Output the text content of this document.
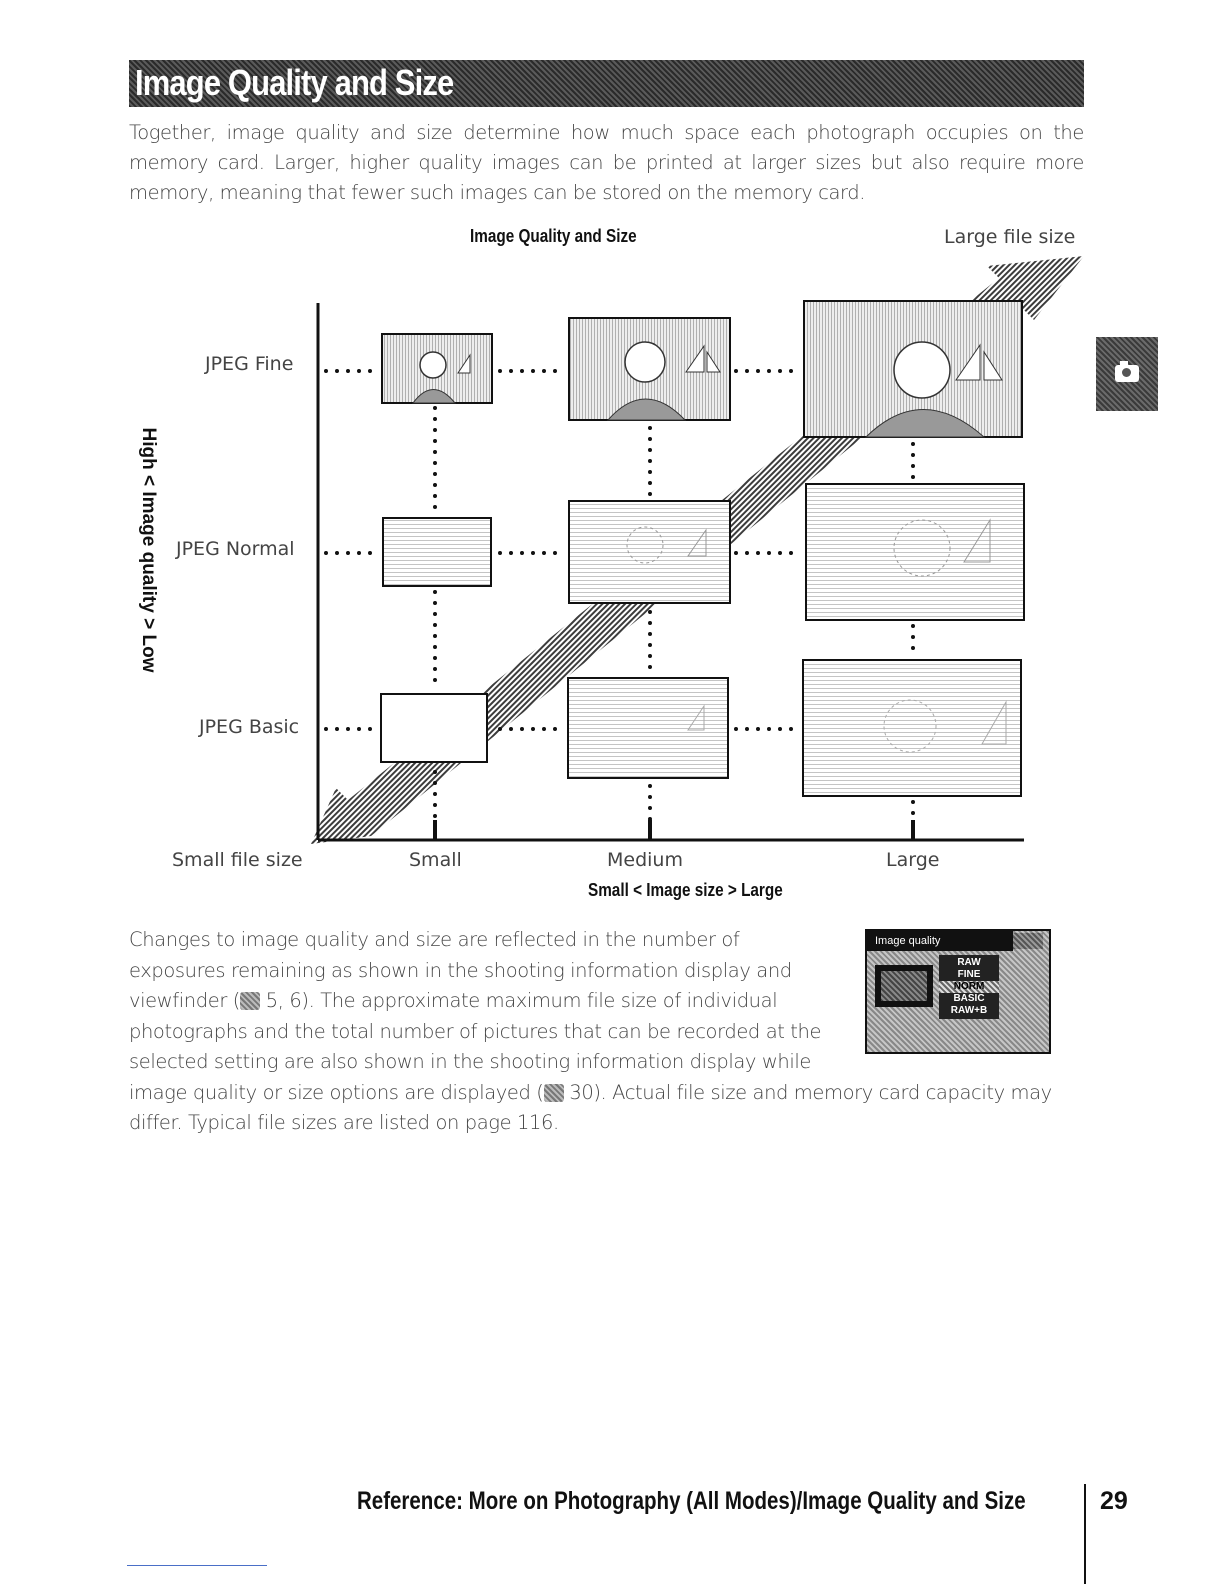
Image Quality and Size
Together, image quality and size determine how much space each photograph occupies on the memory card. Larger, higher quality images can be printed at larger sizes but also require more memory, meaning that fewer such images can be stored on the memory card.
Image Quality and Size	Large file size
JPEG Fine
JPEG Normal
JPEG Basic
High < Image quality > Low
Small file size	Small	Medium	Large
Small < Image size > Large

Changes to image quality and size are reflected in the number of exposures remaining as shown in the shooting information display and viewfinder ( 5, 6). The approximate maximum file size of individual photographs and the total number of pictures that can be recorded at the selected setting are also shown in the shooting information display while image quality or size options are displayed ( 30). Actual file size and memory card capacity may differ. Typical file sizes are listed on page 116.

Image quality
RAW
FINE
NORM
BASIC
RAW+B
Reference: More on Photography (All Modes)/Image Quality and Size	29
